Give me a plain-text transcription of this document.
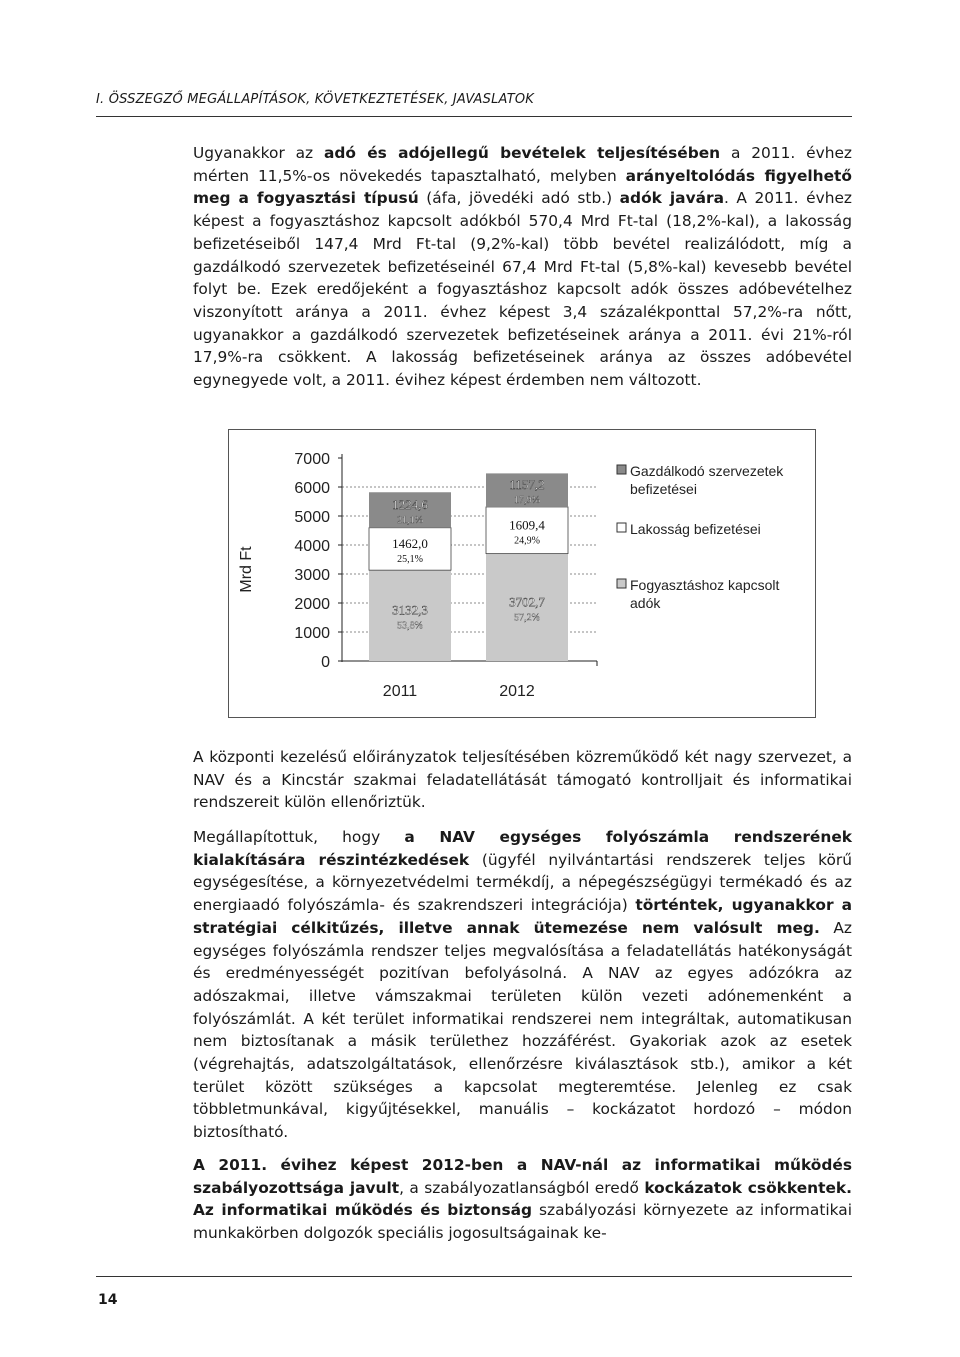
I. ÖSSZEGZŐ MEGÁLLAPÍTÁSOK, KÖVETKEZTETÉSEK, JAVASLATOK
Ugyanakkor az adó és adójellegű bevételek teljesítésében a 2011. évhez mérten 11,5%-os növekedés tapasztalható, melyben arányeltolódás figyelhető meg a fogyasztási típusú (áfa, jövedéki adó stb.) adók javára. A 2011. évhez képest a fogyasztáshoz kapcsolt adókból 570,4 Mrd Ft-tal (18,2%-kal), a lakosság befizetéseiből 147,4 Mrd Ft-tal (9,2%-kal) több bevétel realizálódott, míg a gazdálkodó szervezetek befizetéseinél 67,4 Mrd Ft-tal (5,8%-kal) kevesebb bevétel folyt be. Ezek eredőjeként a fogyasztáshoz kapcsolt adók összes adóbevételhez viszonyított aránya a 2011. évhez képest 3,4 százalékponttal 57,2%-ra nőtt, ugyanakkor a gazdálkodó szervezetek befizetéseinek aránya a 2011. évi 21%-ról 17,9%-ra csökkent. A lakosság befizetéseinek aránya az összes adóbevétel egynegyede volt, a 2011. évihez képest érdemben nem változott.
Mrd Ft
0
1000
2000
3000
4000
5000
6000
7000
3132,3
53,8%
1462,0
25,1%
1224,6
21,1%
2011
3702,7
57,2%
1609,4
24,9%
1157,2
17,9%
2012
Gazdálkodó szervezetek befizetései
Lakosság befizetései
Fogyasztáshoz kapcsolt adók
A központi kezelésű előirányzatok teljesítésében közreműködő két nagy szervezet, a NAV és a Kincstár szakmai feladatellátását támogató kontrolljait és informatikai rendszereit külön ellenőriztük.
Megállapítottuk, hogy a NAV egységes folyószámla rendszerének kialakítására részintézkedések (ügyfél nyilvántartási rendszerek teljes körű egységesítése, a környezetvédelmi termékdíj, a népegészségügyi termékadó és az energiaadó folyószámla- és szakrendszeri integrációja) történtek, ugyanakkor a stratégiai célkitűzés, illetve annak ütemezése nem valósult meg. Az egységes folyószámla rendszer teljes megvalósítása a feladatellátás hatékonyságát és eredményességét pozitívan befolyásolná. A NAV az egyes adózókra az adószakmai, illetve vámszakmai területen külön vezeti adónemenként a folyószámlát. A két terület informatikai rendszerei nem integráltak, automatikusan nem biztosítanak a másik területhez hozzáférést. Gyakoriak azok az esetek (végrehajtás, adatszolgáltatások, ellenőrzésre kiválasztások stb.), amikor a két terület között szükséges a kapcsolat megteremtése. Jelenleg ez csak többletmunkával, kigyűjtésekkel, manuális – kockázatot hordozó – módon biztosítható.
A 2011. évihez képest 2012-ben a NAV-nál az informatikai működés szabályozottsága javult, a szabályozatlanságból eredő kockázatok csökkentek. Az informatikai működés és biztonság szabályozási környezete az informatikai munkakörben dolgozók speciális jogosultságainak ke-
14
